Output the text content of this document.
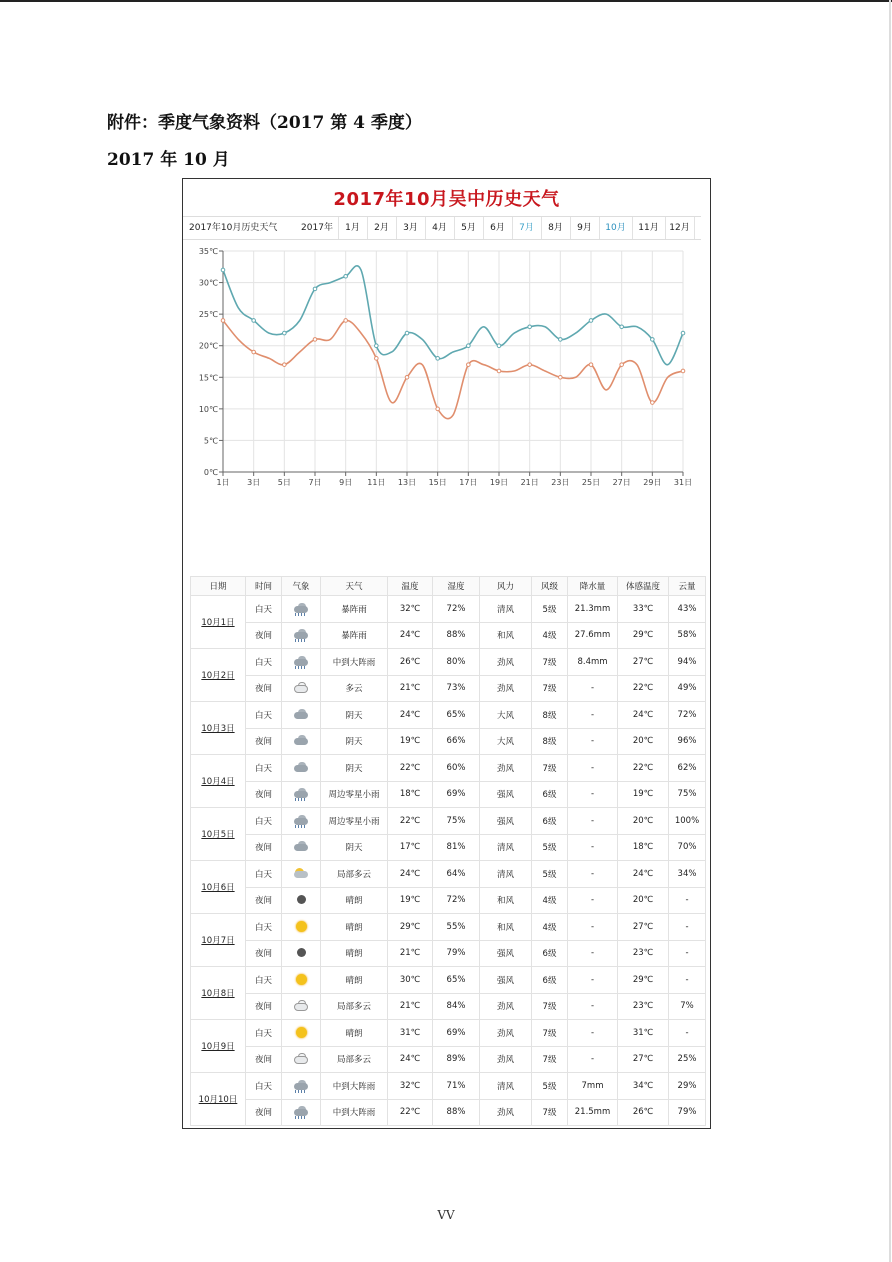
附件：季度气象资料（2017 第 4 季度）
2017 年 10 月
2017年10月吴中历史天气
2017年10月历史天气	2017年	1月	2月	3月	4月	5月	6月	7月	8月	9月	10月	11月	12月
0℃
5℃
10℃
15℃
20℃
25℃
30℃
35℃
1日 3日 5日 7日 9日 11日 13日 15日 17日 19日 21日 23日 25日 27日 29日 31日
日期	时间	气象	天气	温度	湿度	风力	风级	降水量	体感温度	云量
10月1日	白天		暴阵雨	32℃	72%	清风	5级	21.3mm	33℃	43%
	夜间		暴阵雨	24℃	88%	和风	4级	27.6mm	29℃	58%
10月2日	白天		中到大阵雨	26℃	80%	劲风	7级	8.4mm	27℃	94%
	夜间		多云	21℃	73%	劲风	7级	-	22℃	49%
10月3日	白天		阴天	24℃	65%	大风	8级	-	24℃	72%
	夜间		阴天	19℃	66%	大风	8级	-	20℃	96%
10月4日	白天		阴天	22℃	60%	劲风	7级	-	22℃	62%
	夜间		周边零星小雨	18℃	69%	强风	6级	-	19℃	75%
10月5日	白天		周边零星小雨	22℃	75%	强风	6级	-	20℃	100%
	夜间		阴天	17℃	81%	清风	5级	-	18℃	70%
10月6日	白天		局部多云	24℃	64%	清风	5级	-	24℃	34%
	夜间		晴朗	19℃	72%	和风	4级	-	20℃	-
10月7日	白天		晴朗	29℃	55%	和风	4级	-	27℃	-
	夜间		晴朗	21℃	79%	强风	6级	-	23℃	-
10月8日	白天		晴朗	30℃	65%	强风	6级	-	29℃	-
	夜间		局部多云	21℃	84%	劲风	7级	-	23℃	7%
10月9日	白天		晴朗	31℃	69%	劲风	7级	-	31℃	-
	夜间		局部多云	24℃	89%	劲风	7级	-	27℃	25%
10月10日	白天		中到大阵雨	32℃	71%	清风	5级	7mm	34℃	29%
	夜间		中到大阵雨	22℃	88%	劲风	7级	21.5mm	26℃	79%
VV
